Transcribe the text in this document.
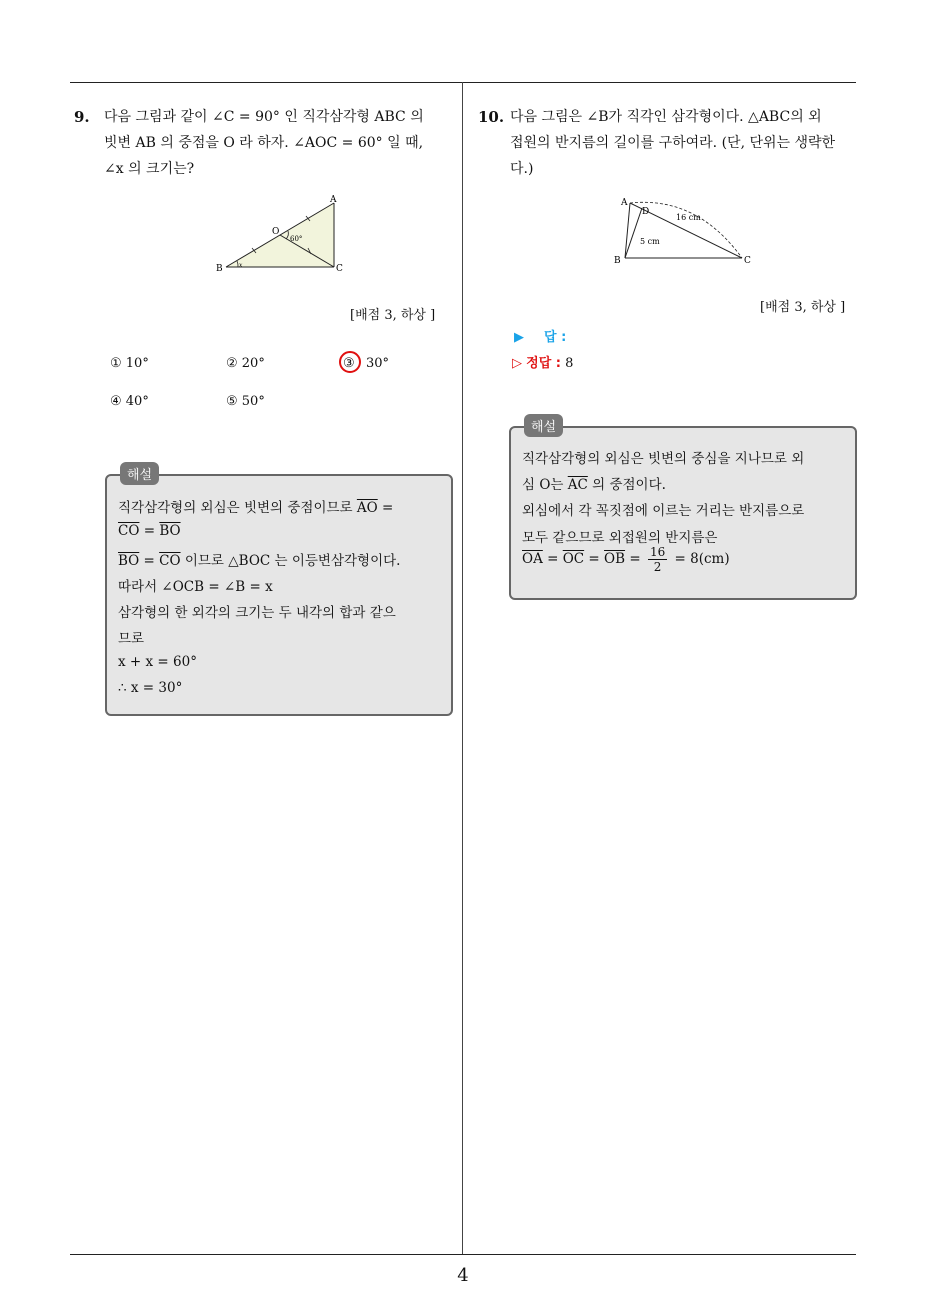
9. 다음 그림과 같이 ∠C = 90° 인 직각삼각형 ABC 의
빗변 AB 의 중점을 O 라 하자. ∠AOC = 60° 일 때,
∠x 의 크기는?
A
B	C
O
60°
x
[배점 3, 하상 ]
① 10°	② 20°	③ 30°
④ 40°	⑤ 50°
해설
직각삼각형의 외심은 빗변의 중점이므로 $\overline{AO}$ =
$\overline{CO} = \overline{BO}$
$\overline{BO} = \overline{CO}$ 이므로 △BOC 는 이등변삼각형이다.
따라서 ∠OCB = ∠B = x
삼각형의 한 외각의 크기는 두 내각의 합과 같으
므로
x + x = 60°
∴ x = 30°
10. 다음 그림은 ∠B가 직각인 삼각형이다. △ABC의 외
접원의 반지름의 길이를 구하여라. (단, 단위는 생략한
다.)
A
D
B	C
16 cm
5 cm
[배점 3, 하상 ]
▶ 답 :
▷ 정답 : 8
해설
직각삼각형의 외심은 빗변의 중심을 지나므로 외
심 O는 $\overline{AC}$ 의 중점이다.
외심에서 각 꼭짓점에 이르는 거리는 반지름으로
모두 같으므로 외접원의 반지름은
$\overline{OA} = \overline{OC} = \overline{OB} = \frac{16}{2} = 8(cm)$
4
